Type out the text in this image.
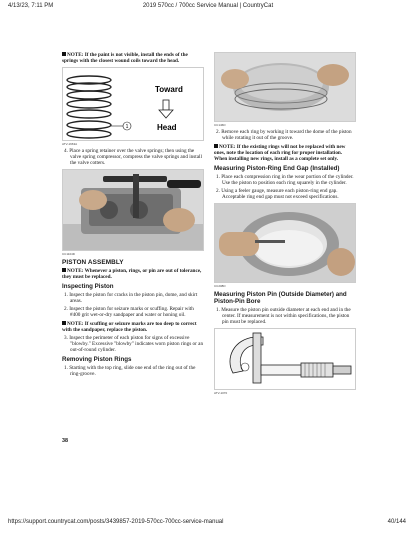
4/13/23, 7:11 PM	2019 570cc / 700cc Service Manual | CountryCat
NOTE: If the paint is not visible, install the ends of the springs with the closest wound coils toward the head.
1
Toward
Head
ATV-1663A
4. Place a spring retainer over the valve springs; then using the valve spring compressor, compress the valve springs and install the valve cotters.
CC1104D
PISTON ASSEMBLY
NOTE: Whenever a piston, rings, or pin are out of tolerance, they must be replaced.
Inspecting Piston
1. Inspect the piston for cracks in the piston pin, dome, and skirt areas.
2. Inspect the piston for seizure marks or scuffing. Repair with #400 grit wet-or-dry sandpaper and water or honing oil.
NOTE: If scuffing or seizure marks are too deep to correct with the sandpaper, replace the piston.
3. Inspect the perimeter of each piston for signs of excessive "blowby." Excessive "blowby" indicates worn piston rings or an out-of-round cylinder.
Removing Piston Rings
1. Starting with the top ring, slide one end of the ring out of the ring-groove.
38
CC146D
2. Remove each ring by working it toward the dome of the piston while rotating it out of the groove.
NOTE: If the existing rings will not be replaced with new ones, note the location of each ring for proper installation. When installing new rings, install as a complete set only.
Measuring Piston-Ring End Gap (Installed)
1. Place each compression ring in the wear portion of the cylinder. Use the piston to position each ring squarely in the cylinder.
2. Using a feeler gauge, measure each piston-ring end gap. Acceptable ring end gap must not exceed specifications.
CC208D
Measuring Piston Pin (Outside Diameter) and Piston-Pin Bore
1. Measure the piston pin outside diameter at each end and in the center. If measurement is not within specifications, the piston pin must be replaced.
ATV-1070
https://support.countrycat.com/posts/3439857-2019-570cc-700cc-service-manual	40/144
